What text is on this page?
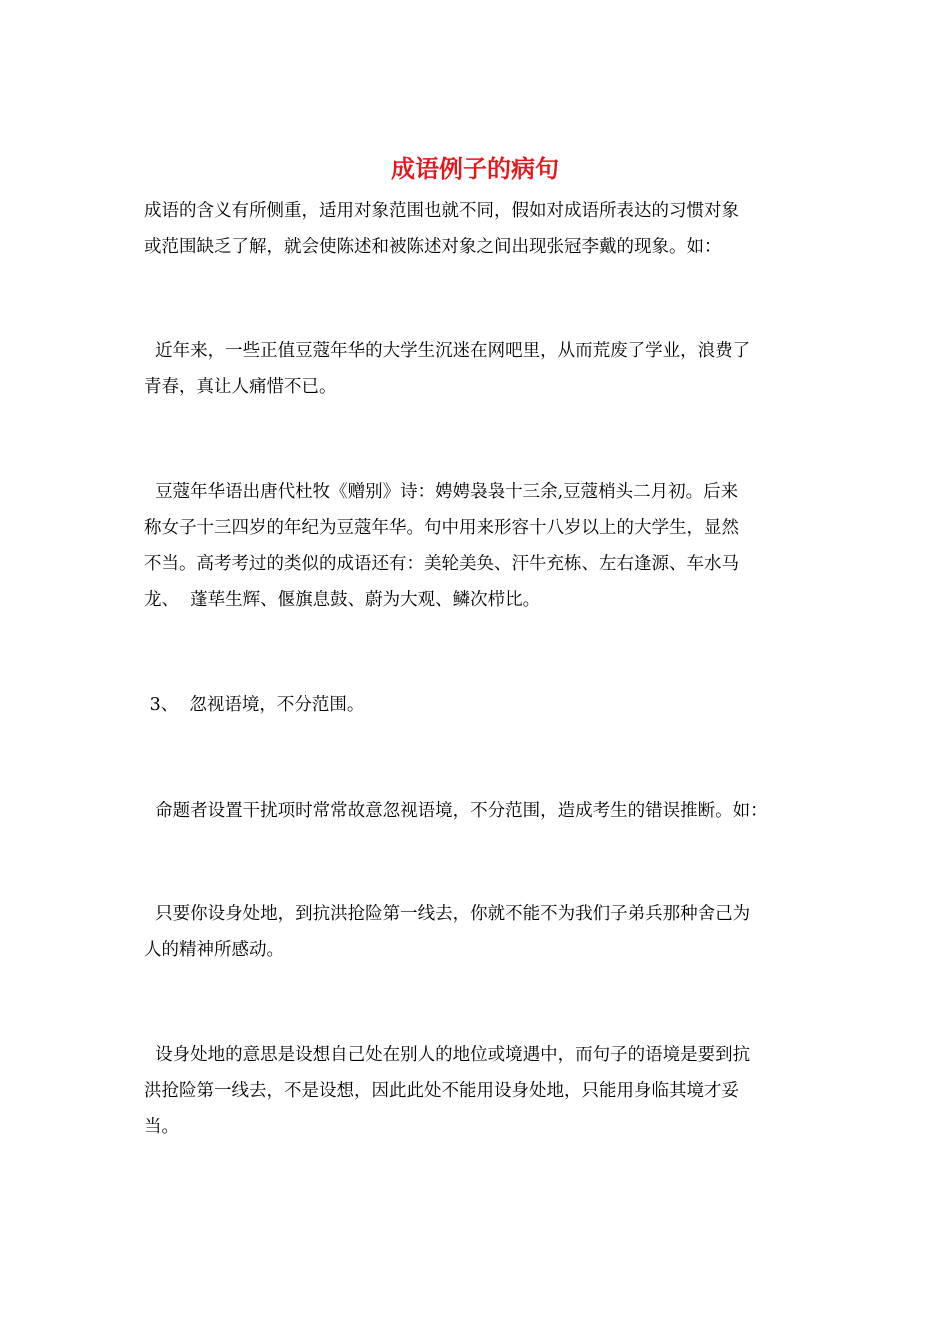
成语例子的病句

成语的含义有所侧重，适用对象范围也就不同，假如对成语所表达的习惯对象
或范围缺乏了解，就会使陈述和被陈述对象之间出现张冠李戴的现象。如：

近年来，一些正值豆蔻年华的大学生沉迷在网吧里，从而荒废了学业，浪费了
青春，真让人痛惜不已。

豆蔻年华语出唐代杜牧《赠别》诗：娉娉袅袅十三余,豆蔻梢头二月初。后来
称女子十三四岁的年纪为豆蔻年华。句中用来形容十八岁以上的大学生，显然
不当。高考考过的类似的成语还有：美轮美奂、汗牛充栋、左右逢源、车水马
龙、  蓬荜生辉、偃旗息鼓、蔚为大观、鳞次栉比。

3、  忽视语境，不分范围。

命题者设置干扰项时常常故意忽视语境，不分范围，造成考生的错误推断。如：

只要你设身处地，到抗洪抢险第一线去，你就不能不为我们子弟兵那种舍己为
人的精神所感动。

设身处地的意思是设想自己处在别人的地位或境遇中，而句子的语境是要到抗
洪抢险第一线去，不是设想，因此此处不能用设身处地，只能用身临其境才妥
当。
